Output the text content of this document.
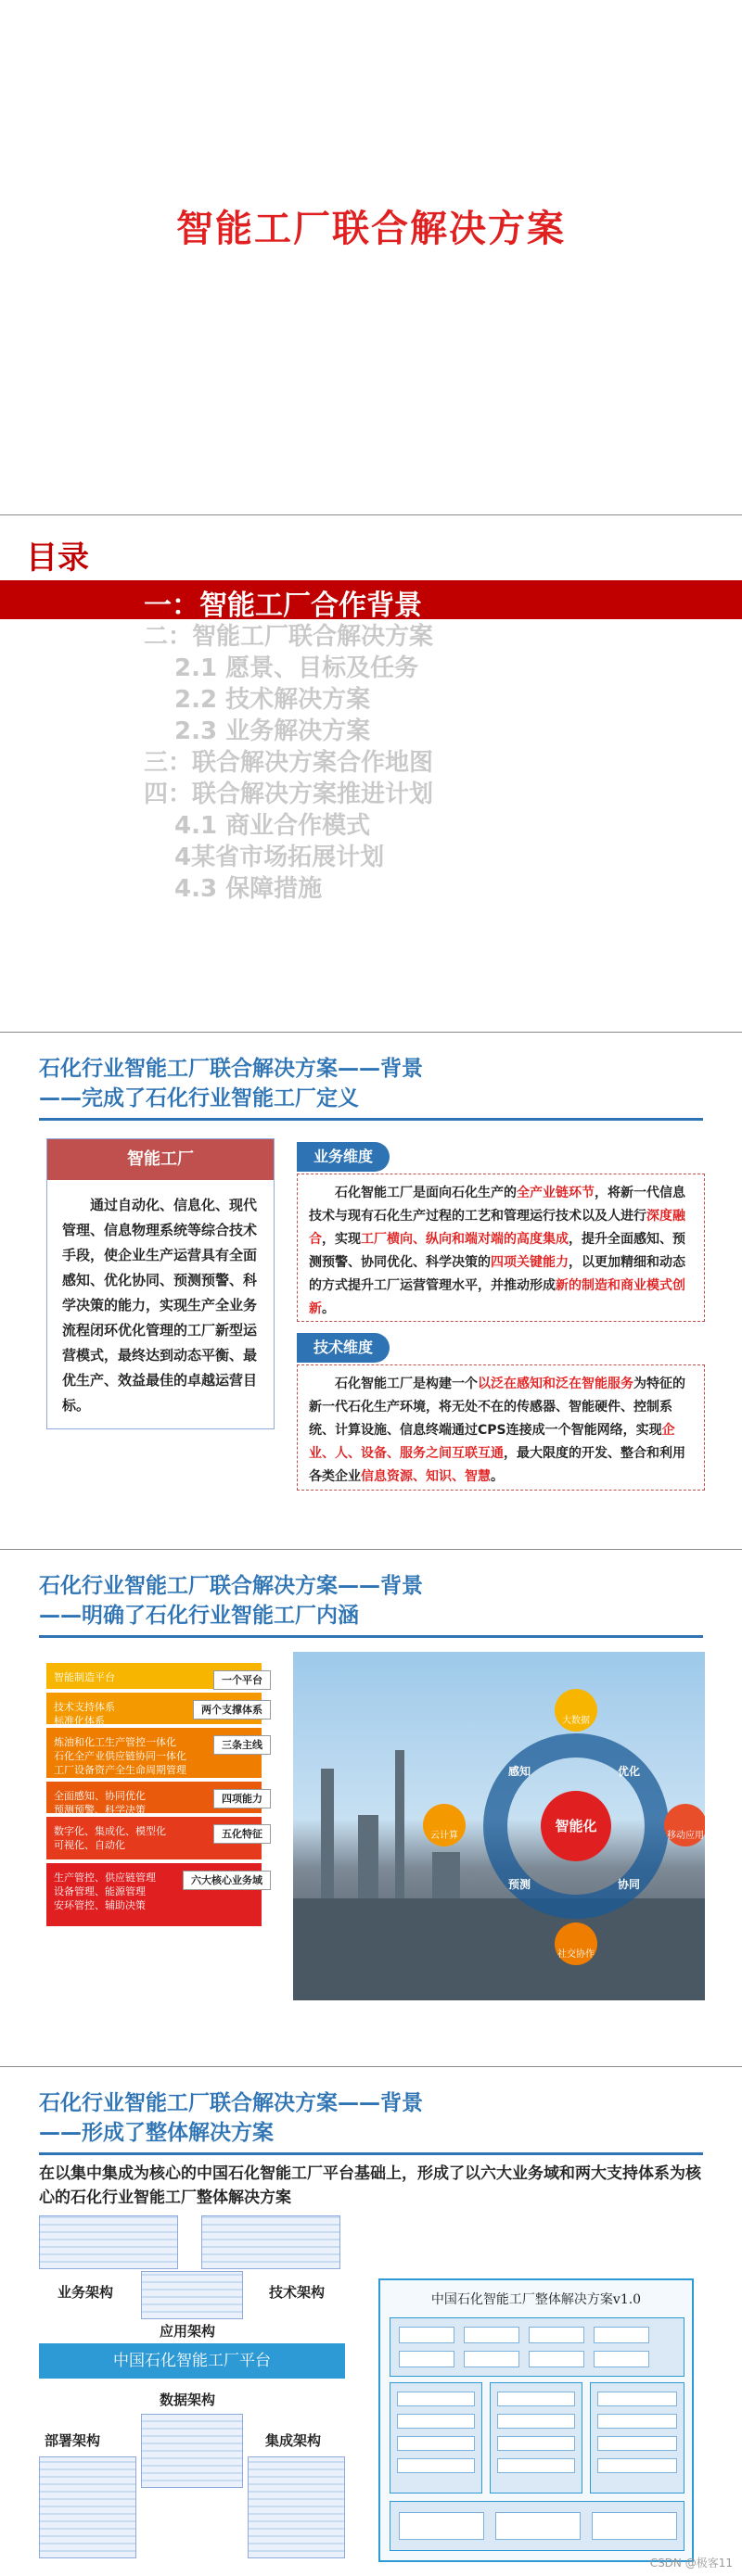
智能工厂联合解决方案
目录
一：智能工厂合作背景
二：智能工厂联合解决方案
2.1 愿景、目标及任务
2.2 技术解决方案
2.3 业务解决方案
三：联合解决方案合作地图
四：联合解决方案推进计划
4.1 商业合作模式
4某省市场拓展计划
4.3 保障措施
石化行业智能工厂联合解决方案——背景
——完成了石化行业智能工厂定义
智能工厂
通过自动化、信息化、现代管理、信息物理系统等综合技术手段，使企业生产运营具有全面感知、优化协同、预测预警、科学决策的能力，实现生产全业务流程闭环优化管理的工厂新型运营模式，最终达到动态平衡、最优生产、效益最佳的卓越运营目标。
业务维度
石化智能工厂是面向石化生产的全产业链环节，将新一代信息技术与现有石化生产过程的工艺和管理运行技术以及人进行深度融合，实现工厂横向、纵向和端对端的高度集成，提升全面感知、预测预警、协同优化、科学决策的四项关键能力，以更加精细和动态的方式提升工厂运营管理水平，并推动形成新的制造和商业模式创新。
技术维度
石化智能工厂是构建一个以泛在感知和泛在智能服务为特征的新一代石化生产环境，将无处不在的传感器、智能硬件、控制系统、计算设施、信息终端通过CPS连接成一个智能网络，实现企业、人、设备、服务之间互联互通，最大限度的开发、整合和利用各类企业信息资源、知识、智慧。
石化行业智能工厂联合解决方案——背景
——明确了石化行业智能工厂内涵
智能制造平台	一个平台
技术支持体系
标准化体系
两个支撑体系
炼油和化工生产管控一体化
石化全产业供应链协同一体化
工厂设备资产全生命周期管理
三条主线
全面感知、协同优化
预测预警、科学决策
四项能力
数字化、集成化、模型化
可视化、自动化
五化特征
生产管控、供应链管理
设备管理、能源管理
安环管控、辅助决策
六大核心业务域
智能化
大数据
云计算	移动应用
社交协作
感知	优化
预测	协同
石化行业智能工厂联合解决方案——背景
——形成了整体解决方案
在以集中集成为核心的中国石化智能工厂平台基础上，形成了以六大业务域和两大支持体系为核心的石化行业智能工厂整体解决方案
业务架构	技术架构
应用架构
中国石化智能工厂平台
数据架构
部署架构	集成架构
中国石化智能工厂整体解决方案v1.0
CSDN @极客11
